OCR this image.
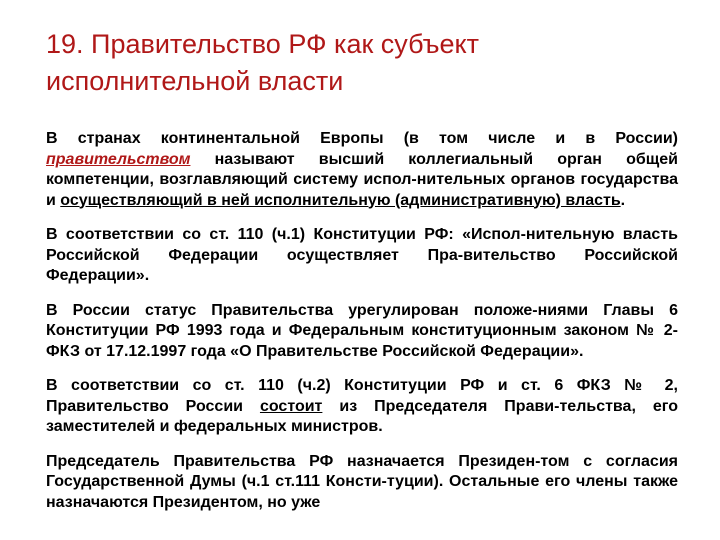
19. Правительство РФ как субъект исполнительной власти

В странах континентальной Европы (в том числе и в России) правительством называют высший коллегиальный орган общей компетенции, возглавляющий систему испол-нительных органов государства и осуществляющий в ней исполнительную (административную) власть.

В соответствии со ст. 110 (ч.1) Конституции РФ: «Испол-нительную власть Российской Федерации осуществляет Пра-вительство Российской Федерации».

В России статус Правительства урегулирован положе-ниями Главы 6 Конституции РФ 1993 года и Федеральным конституционным законом № 2-ФКЗ от 17.12.1997 года «О Правительстве Российской Федерации».

В соответствии со ст. 110 (ч.2) Конституции РФ и ст. 6 ФКЗ № 2, Правительство России состоит из Председателя Прави-тельства, его заместителей и федеральных министров.

Председатель Правительства РФ назначается Президен-том с согласия Государственной Думы (ч.1 ст.111 Консти-туции). Остальные его члены также назначаются Президентом, но уже
